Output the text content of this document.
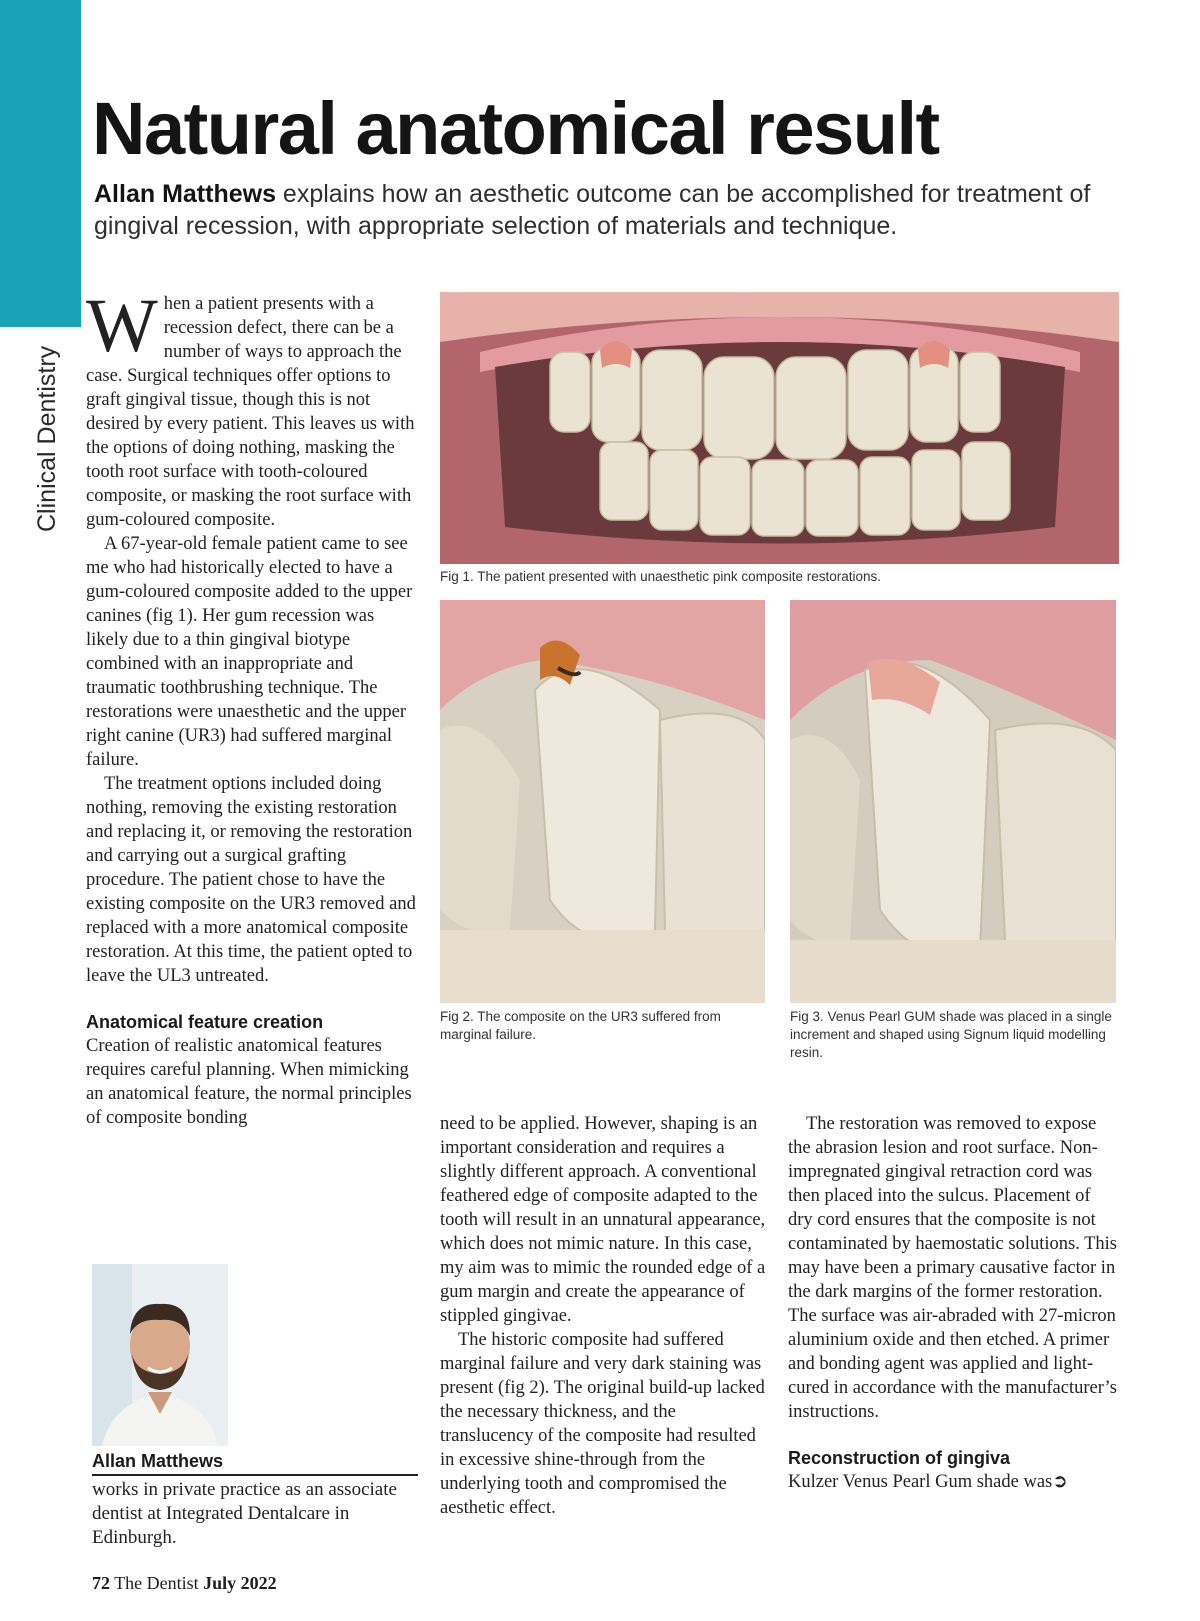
Clinical Dentistry
Natural anatomical result
Allan Matthews explains how an aesthetic outcome can be accomplished for treatment of gingival recession, with appropriate selection of materials and technique.

When a patient presents with a recession defect, there can be a number of ways to approach the case. Surgical techniques offer options to graft gingival tissue, though this is not desired by every patient. This leaves us with the options of doing nothing, masking the tooth root surface with tooth-coloured composite, or masking the root surface with gum-coloured composite.

A 67-year-old female patient came to see me who had historically elected to have a gum-coloured composite added to the upper canines (fig 1). Her gum recession was likely due to a thin gingival biotype combined with an inappropriate and traumatic toothbrushing technique. The restorations were unaesthetic and the upper right canine (UR3) had suffered marginal failure.

The treatment options included doing nothing, removing the existing restoration and replacing it, or removing the restoration and carrying out a surgical grafting procedure. The patient chose to have the existing composite on the UR3 removed and replaced with a more anatomical composite restoration. At this time, the patient opted to leave the UL3 untreated.

Anatomical feature creation

Creation of realistic anatomical features requires careful planning. When mimicking an anatomical feature, the normal principles of composite bonding	need to be applied. However, shaping is an important consideration and requires a slightly different approach. A conventional feathered edge of composite adapted to the tooth will result in an unnatural appearance, which does not mimic nature. In this case, my aim was to mimic the rounded edge of a gum margin and create the appearance of stippled gingivae.

The historic composite had suffered marginal failure and very dark staining was present (fig 2). The original build-up lacked the necessary thickness, and the translucency of the composite had resulted in excessive shine-through from the underlying tooth and compromised the aesthetic effect.

The restoration was removed to expose the abrasion lesion and root surface. Non-impregnated gingival retraction cord was then placed into the sulcus. Placement of dry cord ensures that the composite is not contaminated by haemostatic solutions. This may have been a primary causative factor in the dark margins of the former restoration. The surface was air-abraded with 27-micron aluminium oxide and then etched. A primer and bonding agent was applied and light-cured in accordance with the manufacturer’s instructions.

Reconstruction of gingiva

Kulzer Venus Pearl Gum shade was➲

Fig 1. The patient presented with unaesthetic pink composite restorations.
Fig 2. The composite on the UR3 suffered from marginal failure.
Fig 3. Venus Pearl GUM shade was placed in a single increment and shaped using Signum liquid modelling resin.
Allan Matthews
works in private practice as an associate dentist at Integrated Dentalcare in Edinburgh.
72 The Dentist July 2022
